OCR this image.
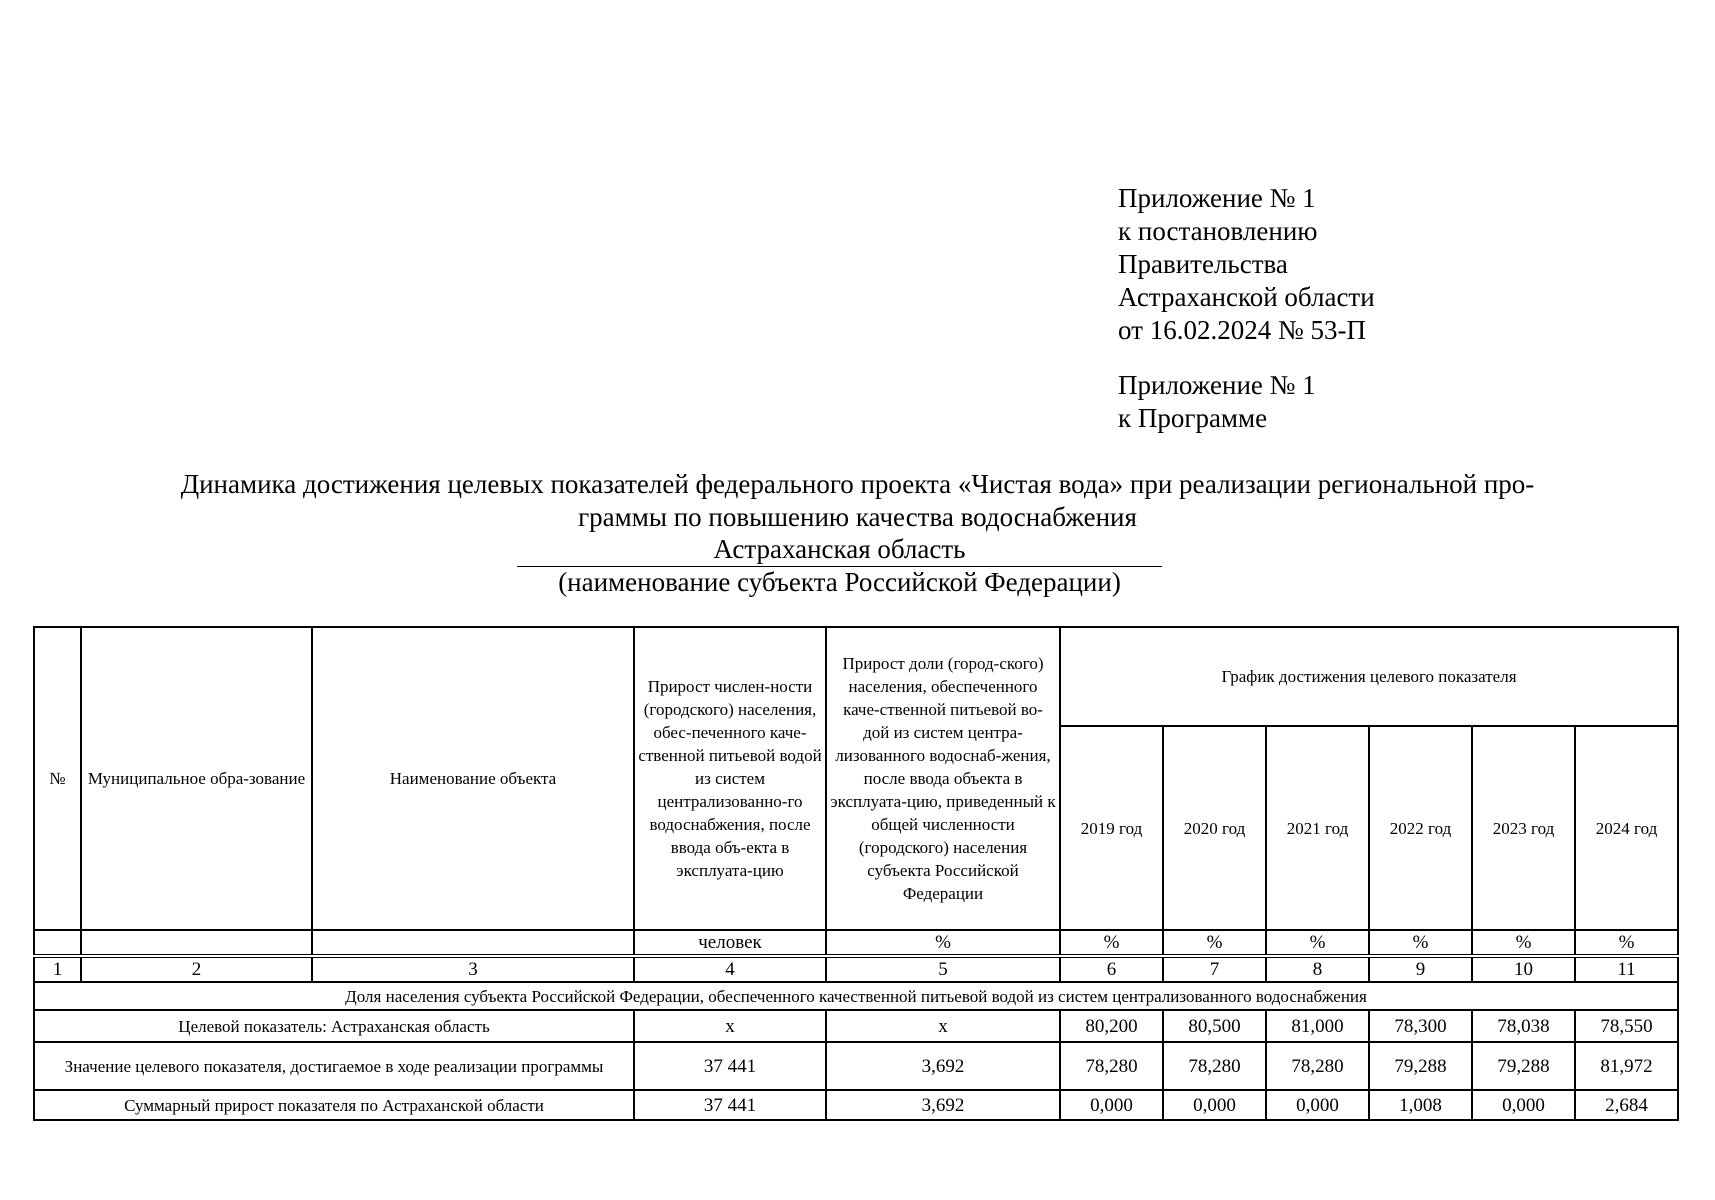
Приложение № 1
к постановлению
Правительства
Астраханской области
от 16.02.2024 № 53-П
Приложение № 1
к Программе
Динамика достижения целевых показателей федерального проекта «Чистая вода» при реализации региональной про-
граммы по повышению качества водоснабжения
Астраханская область
(наименование субъекта Российской Федерации)
№	Муниципальное обра-зование	Наименование объекта	Прирост числен-ности (городского) населения, обес-печенного каче-ственной питьевой водой из систем централизованно-го водоснабжения, после ввода объ-екта в эксплуата-цию	Прирост доли (город-ского) населения, обеспеченного каче-ственной питьевой во-дой из систем центра-лизованного водоснаб-жения, после ввода объекта в эксплуата-цию, приведенный к общей численности (городского) населения субъекта Российской Федерации	График достижения целевого показателя					
					2019 год	2020 год	2021 год	2022 год	2023 год	2024 год
			человек	%	%	%	%	%	%	%
1	2	3	4	5	6	7	8	9	10	11
Доля населения субъекта Российской Федерации, обеспеченного качественной питьевой водой из систем централизованного водоснабжения										
Целевой показатель: Астраханская область			x	x	80,200	80,500	81,000	78,300	78,038	78,550
Значение целевого показателя, достигаемое в ходе реализации программы			37 441	3,692	78,280	78,280	78,280	79,288	79,288	81,972
Суммарный прирост показателя по Астраханской области			37 441	3,692	0,000	0,000	0,000	1,008	0,000	2,684
